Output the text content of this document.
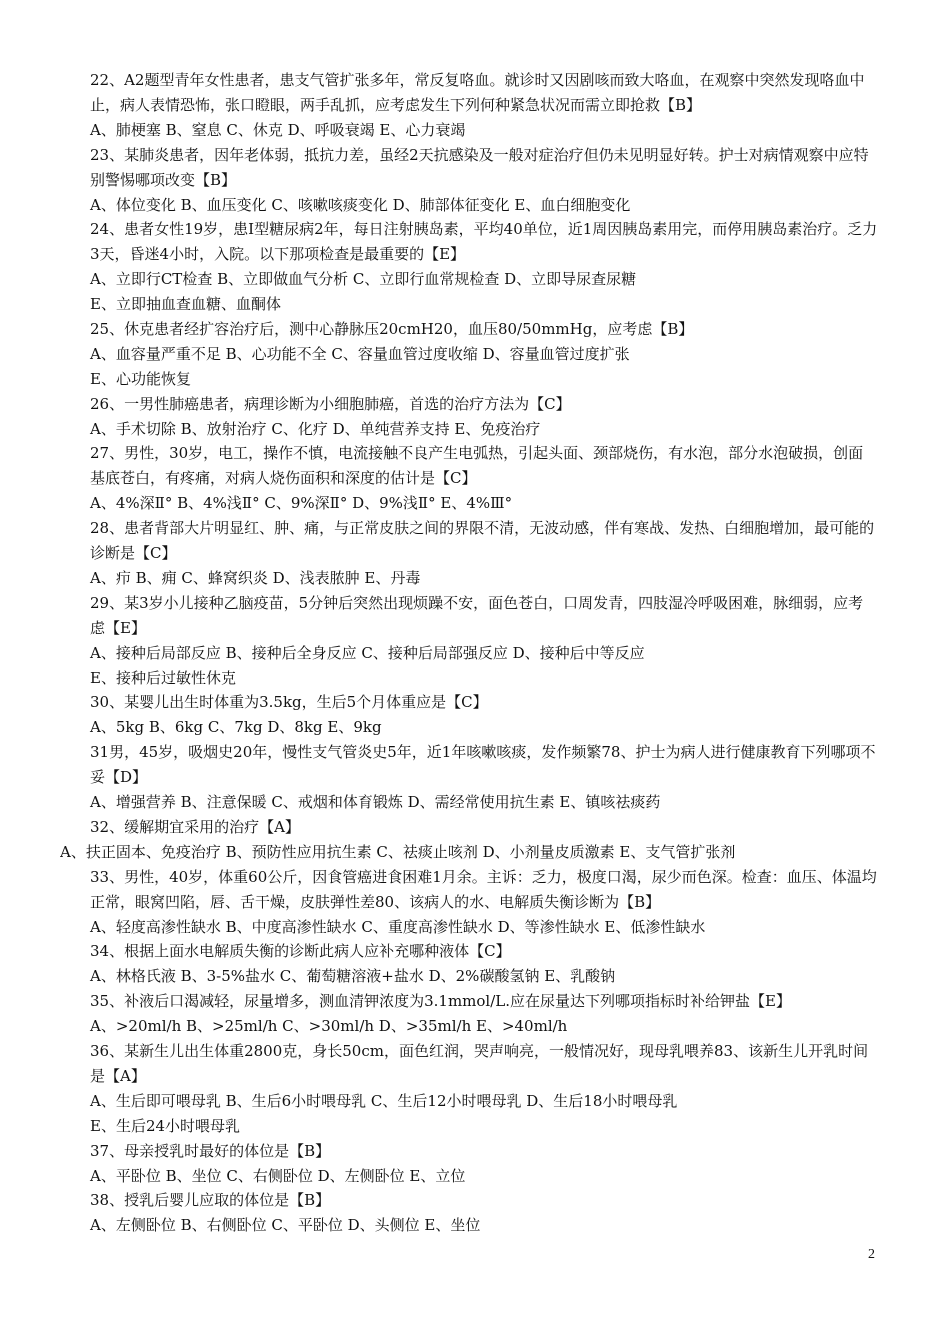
22、A2题型青年女性患者，患支气管扩张多年，常反复咯血。就诊时又因剧咳而致大咯血，在观察中突然发现咯血中止，病人表情恐怖，张口瞪眼，两手乱抓，应考虑发生下列何种紧急状况而需立即抢救【B】
A、肺梗塞 B、窒息 C、休克 D、呼吸衰竭 E、心力衰竭
23、某肺炎患者，因年老体弱，抵抗力差，虽经2天抗感染及一般对症治疗但仍未见明显好转。护士对病情观察中应特别警惕哪项改变【B】
A、体位变化 B、血压变化 C、咳嗽咳痰变化 D、肺部体征变化 E、血白细胞变化
24、患者女性19岁，患Ⅰ型糖尿病2年，每日注射胰岛素，平均40单位，近1周因胰岛素用完，而停用胰岛素治疗。乏力3天，昏迷4小时，入院。以下那项检查是最重要的【E】
A、立即行CT检查 B、立即做血气分析 C、立即行血常规检查 D、立即导尿查尿糖
E、立即抽血查血糖、血酮体
25、休克患者经扩容治疗后，测中心静脉压20cmH20，血压80/50mmHg，应考虑【B】
A、血容量严重不足 B、心功能不全 C、容量血管过度收缩 D、容量血管过度扩张
E、心功能恢复
26、一男性肺癌患者，病理诊断为小细胞肺癌，首选的治疗方法为【C】
A、手术切除 B、放射治疗 C、化疗 D、单纯营养支持 E、免疫治疗
27、男性，30岁，电工，操作不慎，电流接触不良产生电弧热，引起头面、颈部烧伤，有水泡，部分水泡破损，创面基底苍白，有疼痛，对病人烧伤面积和深度的估计是【C】
A、4%深Ⅱ° B、4%浅Ⅱ° C、9%深Ⅱ° D、9%浅Ⅱ° E、4%Ⅲ°
28、患者背部大片明显红、肿、痛，与正常皮肤之间的界限不清，无波动感，伴有寒战、发热、白细胞增加，最可能的诊断是【C】
A、疖 B、痈 C、蜂窝织炎 D、浅表脓肿 E、丹毒
29、某3岁小儿接种乙脑疫苗，5分钟后突然出现烦躁不安，面色苍白，口周发青，四肢湿冷呼吸困难，脉细弱，应考虑【E】
A、接种后局部反应 B、接种后全身反应 C、接种后局部强反应 D、接种后中等反应
E、接种后过敏性休克
30、某婴儿出生时体重为3.5kg，生后5个月体重应是【C】
A、5kg B、6kg C、7kg D、8kg E、9kg
31男，45岁，吸烟史20年，慢性支气管炎史5年，近1年咳嗽咳痰，发作频繁78、护士为病人进行健康教育下列哪项不妥【D】
A、增强营养 B、注意保暖 C、戒烟和体育锻炼 D、需经常使用抗生素 E、镇咳祛痰药
32、缓解期宜采用的治疗【A】
A、扶正固本、免疫治疗 B、预防性应用抗生素 C、祛痰止咳剂 D、小剂量皮质激素 E、支气管扩张剂
33、男性，40岁，体重60公斤，因食管癌进食困难1月余。主诉：乏力，极度口渴，尿少而色深。检查：血压、体温均正常，眼窝凹陷，唇、舌干燥，皮肤弹性差80、该病人的水、电解质失衡诊断为【B】
A、轻度高渗性缺水 B、中度高渗性缺水 C、重度高渗性缺水 D、等渗性缺水 E、低渗性缺水
34、根据上面水电解质失衡的诊断此病人应补充哪种液体【C】
A、林格氏液 B、3-5%盐水 C、葡萄糖溶液+盐水 D、2%碳酸氢钠 E、乳酸钠
35、补液后口渴减轻，尿量增多，测血清钾浓度为3.1mmol/L.应在尿量达下列哪项指标时补给钾盐【E】
A、>20ml/h B、>25ml/h C、>30ml/h D、>35ml/h E、>40ml/h
36、某新生儿出生体重2800克，身长50cm，面色红润，哭声响亮，一般情况好，现母乳喂养83、该新生儿开乳时间是【A】
A、生后即可喂母乳 B、生后6小时喂母乳 C、生后12小时喂母乳 D、生后18小时喂母乳
E、生后24小时喂母乳
37、母亲授乳时最好的体位是【B】
A、平卧位 B、坐位 C、右侧卧位 D、左侧卧位 E、立位
38、授乳后婴儿应取的体位是【B】
A、左侧卧位 B、右侧卧位 C、平卧位 D、头侧位 E、坐位
2
